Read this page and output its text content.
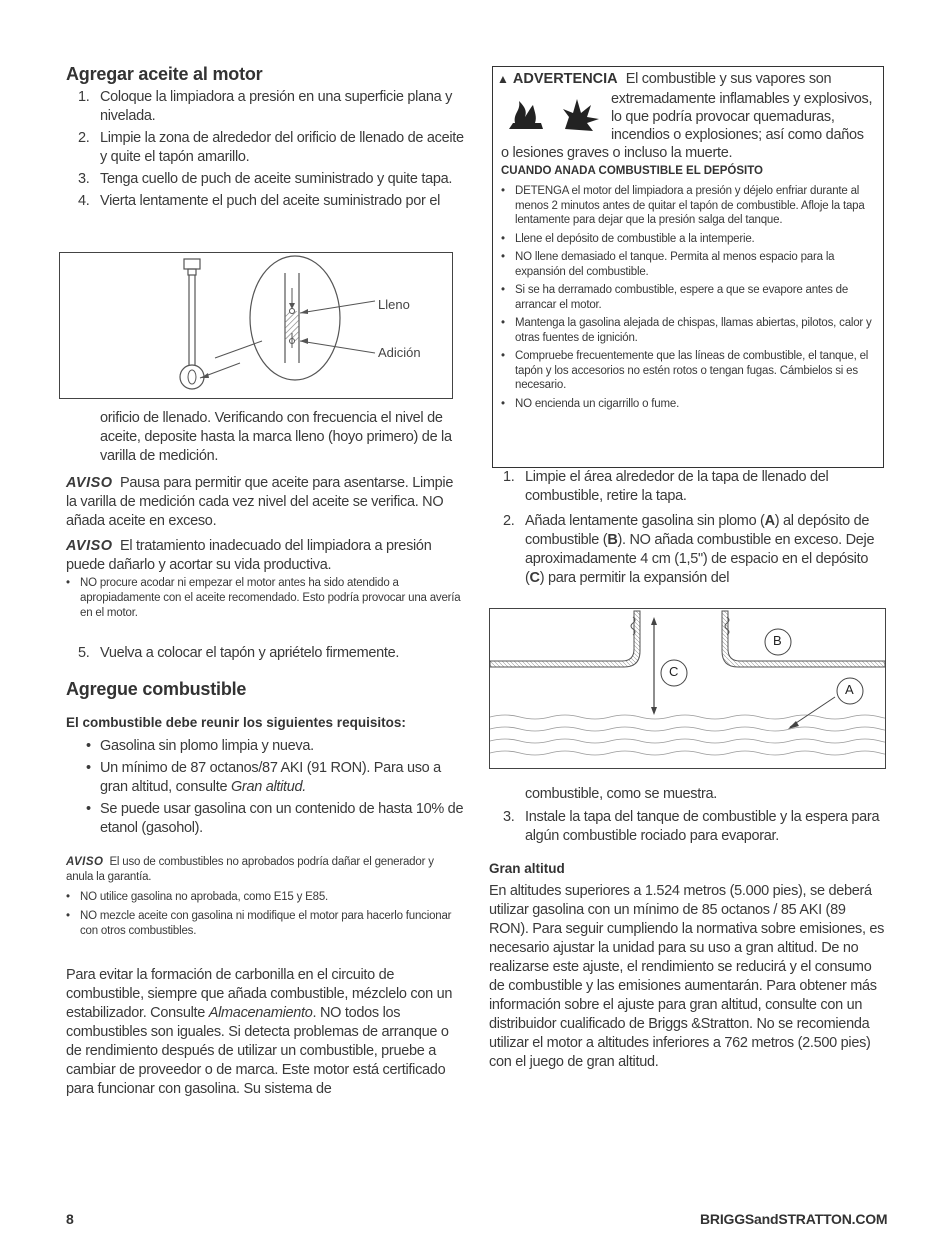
Agregar aceite al motor
1. Coloque la limpiadora a presión en una superficie plana y nivelada.
2. Limpie la zona de alrededor del orificio de llenado de aceite y quite el tapón amarillo.
3. Tenga cuello de puch de aceite suministrado y quite tapa.
4. Vierta lentamente el puch del aceite suministrado por el
Lleno
Adición
orificio de llenado. Verificando con frecuencia el nivel de aceite, deposite hasta la marca lleno (hoyo primero) de la varilla de medición.
AVISO Pausa para permitir que aceite para asentarse. Limpie la varilla de medición cada vez nivel del aceite se verifica. NO añada aceite en exceso.
AVISO El tratamiento inadecuado del limpiadora a presión puede dañarlo y acortar su vida productiva.
• NO procure acodar ni empezar el motor antes ha sido atendido a apropiadamente con el aceite recomendado. Esto podría provocar una avería en el motor.
5. Vuelva a colocar el tapón y apriételo firmemente.
Agregue combustible
El combustible debe reunir los siguientes requisitos:
• Gasolina sin plomo limpia y nueva.
• Un mínimo de 87 octanos/87 AKI (91 RON). Para uso a gran altitud, consulte Gran altitud.
• Se puede usar gasolina con un contenido de hasta 10% de etanol (gasohol).
AVISO El uso de combustibles no aprobados podría dañar el generador y anula la garantía.
• NO utilice gasolina no aprobada, como E15 y E85.
• NO mezcle aceite con gasolina ni modifique el motor para hacerlo funcionar con otros combustibles.
Para evitar la formación de carbonilla en el circuito de combustible, siempre que añada combustible, mézclelo con un estabilizador. Consulte Almacenamiento. NO todos los combustibles son iguales. Si detecta problemas de arranque o de rendimiento después de utilizar un combustible, pruebe a cambiar de proveedor o de marca. Este motor está certificado para funcionar con gasolina. Su sistema de
▲ ADVERTENCIA El combustible y sus vapores son
extremadamente inflamables y explosivos,
lo que podría provocar quemaduras,
incendios o explosiones; así como daños
o lesiones graves o incluso la muerte.
CUANDO ANADA COMBUSTIBLE EL DEPÓSITO
• DETENGA el motor del limpiadora a presión y déjelo enfriar durante al menos 2 minutos antes de quitar el tapón de combustible. Afloje la tapa lentamente para dejar que la presión salga del tanque.
• Llene el depósito de combustible a la intemperie.
• NO llene demasiado el tanque. Permita al menos espacio para la expansión del combustible.
• Si se ha derramado combustible, espere a que se evapore antes de arrancar el motor.
• Mantenga la gasolina alejada de chispas, llamas abiertas, pilotos, calor y otras fuentes de ignición.
• Compruebe frecuentemente que las líneas de combustible, el tanque, el tapón y los accesorios no estén rotos o tengan fugas. Cámbielos si es necesario.
• NO encienda un cigarrillo o fume.
1. Limpie el área alrededor de la tapa de llenado del combustible, retire la tapa.
2. Añada lentamente gasolina sin plomo (A) al depósito de combustible (B). NO añada combustible en exceso. Deje aproximadamente 4 cm (1,5") de espacio en el depósito (C) para permitir la expansión del
C
B
A
combustible, como se muestra.
3. Instale la tapa del tanque de combustible y la espera para algún combustible rociado para evaporar.
Gran altitud
En altitudes superiores a 1.524 metros (5.000 pies), se deberá utilizar gasolina con un mínimo de 85 octanos / 85 AKI (89 RON). Para seguir cumpliendo la normativa sobre emisiones, es necesario ajustar la unidad para su uso a gran altitud. De no realizarse este ajuste, el rendimiento se reducirá y el consumo de combustible y las emisiones aumentarán. Para obtener más información sobre el ajuste para gran altitud, consulte con un distribuidor cualificado de Briggs &Stratton. No se recomienda utilizar el motor a altitudes inferiores a 762 metros (2.500 pies) con el juego de gran altitud.
8	BRIGGSandSTRATTON.COM
